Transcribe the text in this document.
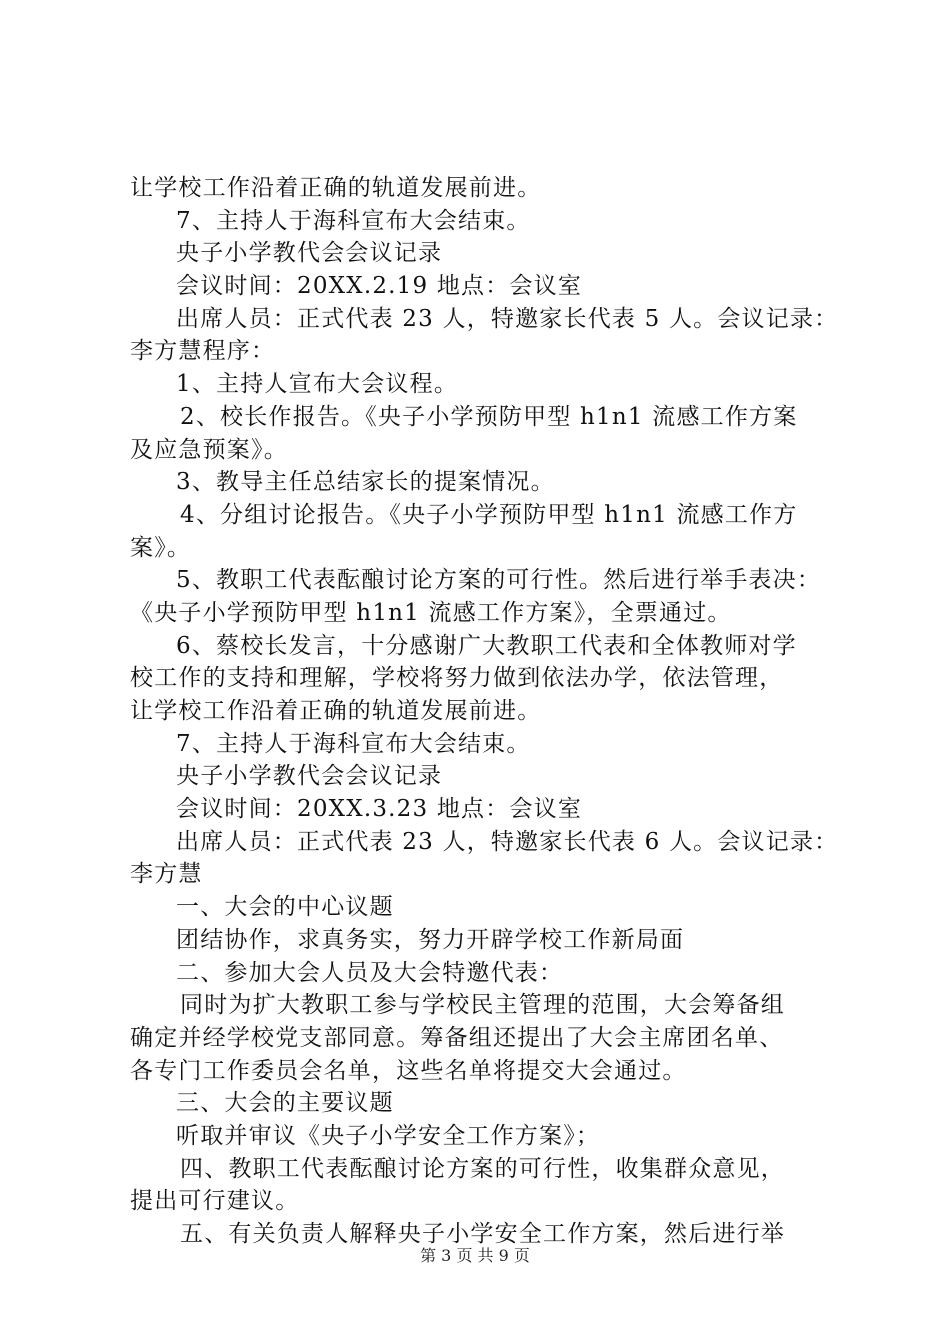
让学校工作沿着正确的轨道发展前进。
7、主持人于海科宣布大会结束。
央子小学教代会会议记录
会议时间：20XX.2.19 地点：会议室
出席人员：正式代表 23 人，特邀家长代表 5 人。会议记录：
李方慧程序：
1、主持人宣布大会议程。
2、校长作报告。《央子小学预防甲型 h1n1 流感工作方案
及应急预案》。
3、教导主任总结家长的提案情况。
4、分组讨论报告。《央子小学预防甲型 h1n1 流感工作方
案》。
5、教职工代表酝酿讨论方案的可行性。然后进行举手表决：
《央子小学预防甲型 h1n1 流感工作方案》，全票通过。
6、蔡校长发言，十分感谢广大教职工代表和全体教师对学
校工作的支持和理解，学校将努力做到依法办学，依法管理，
让学校工作沿着正确的轨道发展前进。
7、主持人于海科宣布大会结束。
央子小学教代会会议记录
会议时间：20XX.3.23 地点：会议室
出席人员：正式代表 23 人，特邀家长代表 6 人。会议记录：
李方慧
一、大会的中心议题
团结协作，求真务实，努力开辟学校工作新局面
二、参加大会人员及大会特邀代表：
同时为扩大教职工参与学校民主管理的范围，大会筹备组
确定并经学校党支部同意。筹备组还提出了大会主席团名单、
各专门工作委员会名单，这些名单将提交大会通过。
三、大会的主要议题
听取并审议《央子小学安全工作方案》；
四、教职工代表酝酿讨论方案的可行性，收集群众意见，
提出可行建议。
五、有关负责人解释央子小学安全工作方案，然后进行举
第 3 页 共 9 页
